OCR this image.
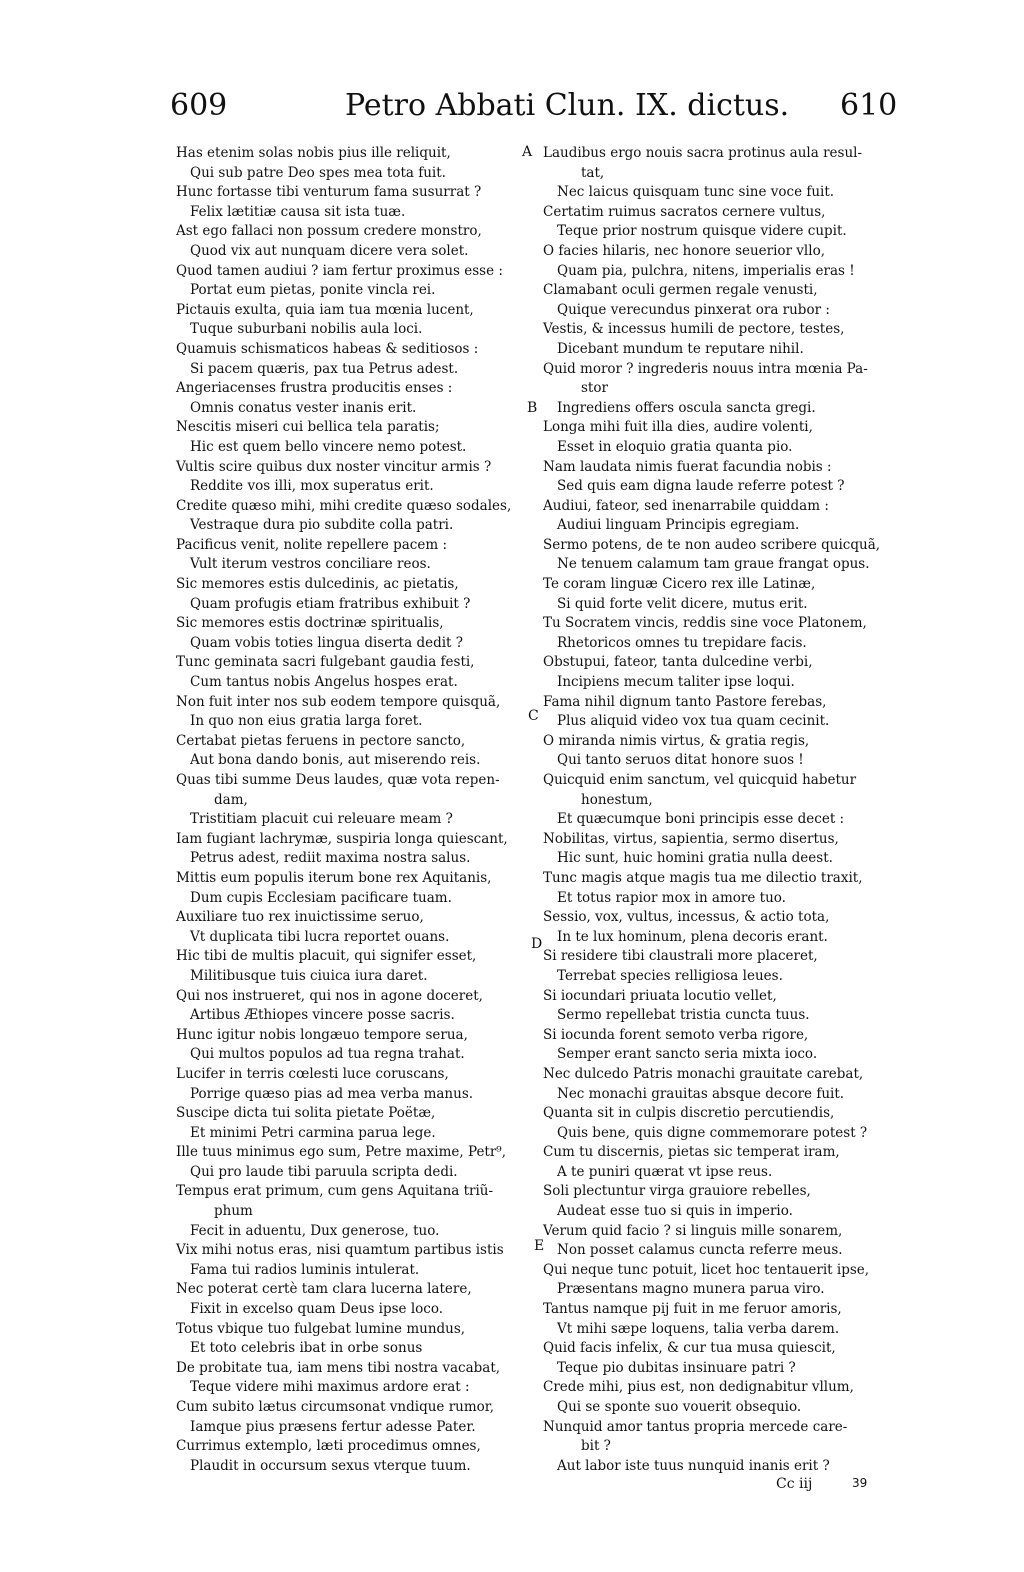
609	Petro Abbati Clun. IX. dictus. 610
Has etenim solas nobis pius ille reliquit,
Qui sub patre Deo spes mea tota fuit.
Hunc fortasse tibi venturum fama susurrat ?
Felix lætitiæ causa sit ista tuæ.
Ast ego fallaci non possum credere monstro,
Quod vix aut nunquam dicere vera solet.
Quod tamen audiui ? iam fertur proximus esse :
Portat eum pietas, ponite vincla rei.
Pictauis exulta, quia iam tua mœnia lucent,
Tuque suburbani nobilis aula loci.
Quamuis schismaticos habeas & seditiosos :
Si pacem quæris, pax tua Petrus adest.
Angeriacenses frustra producitis enses :
Omnis conatus vester inanis erit.
Nescitis miseri cui bellica tela paratis;
Hic est quem bello vincere nemo potest.
Vultis scire quibus dux noster vincitur armis ?
Reddite vos illi, mox superatus erit.
Credite quæso mihi, mihi credite quæso sodales,
Vestraque dura pio subdite colla patri.
Pacificus venit, nolite repellere pacem :
Vult iterum vestros conciliare reos.
Sic memores estis dulcedinis, ac pietatis,
Quam profugis etiam fratribus exhibuit ?
Sic memores estis doctrinæ spiritualis,
Quam vobis toties lingua diserta dedit ?
Tunc geminata sacri fulgebant gaudia festi,
Cum tantus nobis Angelus hospes erat.
Non fuit inter nos sub eodem tempore quisquã,
In quo non eius gratia larga foret.
Certabat pietas feruens in pectore sancto,
Aut bona dando bonis, aut miserendo reis.
Quas tibi summe Deus laudes, quæ vota repen-
dam,
Tristitiam placuit cui releuare meam ?
Iam fugiant lachrymæ, suspiria longa quiescant,
Petrus adest, rediit maxima nostra salus.
Mittis eum populis iterum bone rex Aquitanis,
Dum cupis Ecclesiam pacificare tuam.
Auxiliare tuo rex inuictissime seruo,
Vt duplicata tibi lucra reportet ouans.
Hic tibi de multis placuit, qui signifer esset,
Militibusque tuis ciuica iura daret.
Qui nos instrueret, qui nos in agone doceret,
Artibus Æthiopes vincere posse sacris.
Hunc igitur nobis longæuo tempore serua,
Qui multos populos ad tua regna trahat.
Lucifer in terris cœlesti luce coruscans,
Porrige quæso pias ad mea verba manus.
Suscipe dicta tui solita pietate Poëtæ,
Et minimi Petri carmina parua lege.
Ille tuus minimus ego sum, Petre maxime, Petr⁹,
Qui pro laude tibi paruula scripta dedi.
Tempus erat primum, cum gens Aquitana triũ-
phum
Fecit in aduentu, Dux generose, tuo.
Vix mihi notus eras, nisi quamtum partibus istis
Fama tui radios luminis intulerat.
Nec poterat certè tam clara lucerna latere,
Fixit in excelso quam Deus ipse loco.
Totus vbique tuo fulgebat lumine mundus,
Et toto celebris ibat in orbe sonus
De probitate tua, iam mens tibi nostra vacabat,
Teque videre mihi maximus ardore erat :
Cum subito lætus circumsonat vndique rumor,
Iamque pius præsens fertur adesse Pater.
Currimus extemplo, læti procedimus omnes,
Plaudit in occursum sexus vterque tuum.
Laudibus ergo nouis sacra protinus aula resul-
tat,
Nec laicus quisquam tunc sine voce fuit.
Certatim ruimus sacratos cernere vultus,
Teque prior nostrum quisque videre cupit.
O facies hilaris, nec honore seuerior vllo,
Quam pia, pulchra, nitens, imperialis eras !
Clamabant oculi germen regale venusti,
Quique verecundus pinxerat ora rubor :
Vestis, & incessus humili de pectore, testes,
Dicebant mundum te reputare nihil.
Quid moror ? ingrederis nouus intra mœnia Pa-
stor
Ingrediens offers oscula sancta gregi.
Longa mihi fuit illa dies, audire volenti,
Esset in eloquio gratia quanta pio.
Nam laudata nimis fuerat facundia nobis :
Sed quis eam digna laude referre potest ?
Audiui, fateor, sed inenarrabile quiddam :
Audiui linguam Principis egregiam.
Sermo potens, de te non audeo scribere quicquã,
Ne tenuem calamum tam graue frangat opus.
Te coram linguæ Cicero rex ille Latinæ,
Si quid forte velit dicere, mutus erit.
Tu Socratem vincis, reddis sine voce Platonem,
Rhetoricos omnes tu trepidare facis.
Obstupui, fateor, tanta dulcedine verbi,
Incipiens mecum taliter ipse loqui.
Fama nihil dignum tanto Pastore ferebas,
Plus aliquid video vox tua quam cecinit.
O miranda nimis virtus, & gratia regis,
Qui tanto seruos ditat honore suos !
Quicquid enim sanctum, vel quicquid habetur
honestum,
Et quæcumque boni principis esse decet :
Nobilitas, virtus, sapientia, sermo disertus,
Hic sunt, huic homini gratia nulla deest.
Tunc magis atque magis tua me dilectio traxit,
Et totus rapior mox in amore tuo.
Sessio, vox, vultus, incessus, & actio tota,
In te lux hominum, plena decoris erant.
Si residere tibi claustrali more placeret,
Terrebat species relligiosa leues.
Si iocundari priuata locutio vellet,
Sermo repellebat tristia cuncta tuus.
Si iocunda forent semoto verba rigore,
Semper erant sancto seria mixta ioco.
Nec dulcedo Patris monachi grauitate carebat,
Nec monachi grauitas absque decore fuit.
Quanta sit in culpis discretio percutiendis,
Quis bene, quis digne commemorare potest ?
Cum tu discernis, pietas sic temperat iram,
A te puniri quærat vt ipse reus.
Soli plectuntur virga grauiore rebelles,
Audeat esse tuo si quis in imperio.
Verum quid facio ? si linguis mille sonarem,
Non posset calamus cuncta referre meus.
Qui neque tunc potuit, licet hoc tentauerit ipse,
Præsentans magno munera parua viro.
Tantus namque pij fuit in me feruor amoris,
Vt mihi sæpe loquens, talia verba darem.
Quid facis infelix, & cur tua musa quiescit,
Teque pio dubitas insinuare patri ?
Crede mihi, pius est, non dedignabitur vllum,
Qui se sponte suo vouerit obsequio.
Nunquid amor tantus propria mercede care-
bit ?
Aut labor iste tuus nunquid inanis erit ?
A
B
C
D
E
Cc iij	39
